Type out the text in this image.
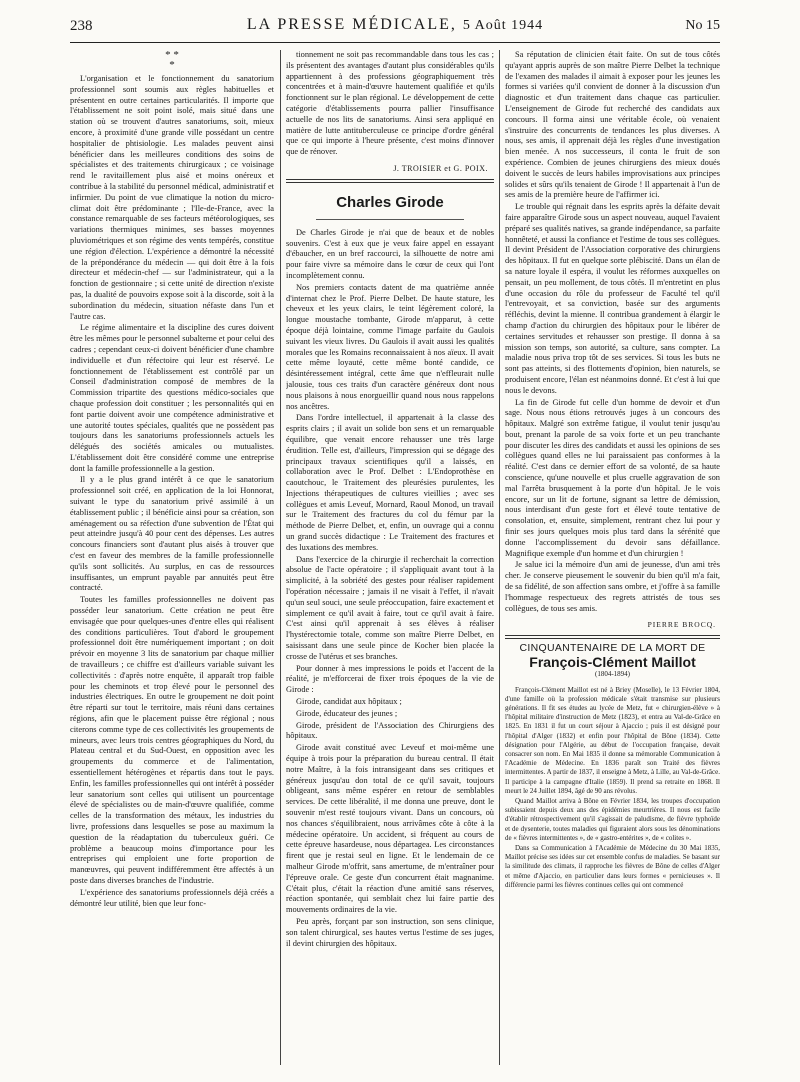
238	LA PRESSE MÉDICALE, 5 Août 1944	No 15
* *
*

L'organisation et le fonctionnement du sanatorium professionnel sont soumis aux règles habituelles et présentent en outre certaines particularités. Il importe que l'établissement ne soit point isolé, mais situé dans une station où se trouvent d'autres sanatoriums, soit, mieux encore, à proximité d'une grande ville possédant un centre hospitalier de phtisiologie. Les malades peuvent ainsi bénéficier dans les meilleures conditions des soins de spécialistes et des traitements chirurgicaux ; ce voisinage rend le ravitaillement plus aisé et moins onéreux et contribue à la stabilité du personnel médical, administratif et infirmier. Du point de vue climatique la notion du micro-climat doit être prédominante ; l'Ile-de-France, avec la constance remarquable de ses facteurs météorologiques, ses variations thermiques minimes, ses basses moyennes pluviométriques et son régime des vents tempérés, constitue une région d'élection. L'expérience a démontré la nécessité de la prépondérance du médecin — qui doit être à la fois directeur et médecin-chef — sur l'administrateur, qui a la fonction de gestionnaire ; si cette unité de direction n'existe pas, la dualité de pouvoirs expose soit à la discorde, soit à la subordination du médecin, situation néfaste dans l'un et l'autre cas.

Le régime alimentaire et la discipline des cures doivent être les mêmes pour le personnel subalterne et pour celui des cadres ; cependant ceux-ci doivent bénéficier d'une chambre individuelle et d'un réfectoire qui leur est réservé. Le fonctionnement de l'établissement est contrôlé par un Conseil d'administration composé de membres de la Commission tripartite des questions médico-sociales que chaque profession doit constituer ; les personnalités qui en font partie doivent avoir une compétence administrative et une autorité toutes spéciales, qualités que ne possèdent pas toujours dans les sanatoriums professionnels actuels les délégués des sociétés amicales ou mutualistes. L'établissement doit être considéré comme une entreprise dont la famille professionnelle a la gestion.

Il y a le plus grand intérêt à ce que le sanatorium professionnel soit créé, en application de la loi Honnorat, suivant le type du sanatorium privé assimilé à un établissement public ; il bénéficie ainsi pour sa création, son aménagement ou sa réfection d'une subvention de l'État qui peut atteindre jusqu'à 40 pour cent des dépenses. Les autres concours financiers sont d'autant plus aisés à trouver que c'est en faveur des membres de la famille professionnelle qu'ils sont sollicités. Au surplus, en cas de ressources insuffisantes, un emprunt payable par annuités peut être contracté.

Toutes les familles professionnelles ne doivent pas posséder leur sanatorium. Cette création ne peut être envisagée que pour quelques-unes d'entre elles qui réalisent des conditions particulières. Tout d'abord le groupement professionnel doit être numériquement important ; on doit prévoir en moyenne 3 lits de sanatorium par chaque millier de travailleurs ; ce chiffre est d'ailleurs variable suivant les collectivités : d'après notre enquête, il apparaît trop faible pour les cheminots et trop élevé pour le personnel des industries électriques. En outre le groupement ne doit point être réparti sur tout le territoire, mais réuni dans certaines régions, afin que le placement puisse être régional ; nous citerons comme type de ces collectivités les groupements de mineurs, avec leurs trois centres géographiques du Nord, du Plateau central et du Sud-Ouest, en opposition avec les groupements du commerce et de l'alimentation, essentiellement hétérogènes et répartis dans tout le pays. Enfin, les familles professionnelles qui ont intérêt à posséder leur sanatorium sont celles qui utilisent un pourcentage élevé de spécialistes ou de main-d'œuvre qualifiée, comme celles de la transformation des métaux, les industries du livre, professions dans lesquelles se pose au maximum la question de la réadaptation du tuberculeux guéri. Ce problème a beaucoup moins d'importance pour les entreprises qui emploient une forte proportion de manœuvres, qui peuvent indifféremment être affectés à un poste dans diverses branches de l'industrie.

L'expérience des sanatoriums professionnels déjà créés a démontré leur utilité, bien que leur fonc-

tionnement ne soit pas recommandable dans tous les cas ; ils présentent des avantages d'autant plus considérables qu'ils appartiennent à des professions géographiquement très concentrées et à main-d'œuvre hautement qualifiée et qu'ils fonctionnent sur le plan régional. Le développement de cette catégorie d'établissements pourra pallier l'insuffisance actuelle de nos lits de sanatoriums. Ainsi sera appliqué en matière de lutte antituberculeuse ce principe d'ordre général que ce qui importe à l'heure présente, c'est moins d'innover que de rénover.

J. TROISIER et G. POIX.
Charles Girode

De Charles Girode je n'ai que de beaux et de nobles souvenirs. C'est à eux que je veux faire appel en essayant d'ébaucher, en un bref raccourci, la silhouette de notre ami pour faire vivre sa mémoire dans le cœur de ceux qui l'ont incomplètement connu.

Nos premiers contacts datent de ma quatrième année d'internat chez le Prof. Pierre Delbet. De haute stature, les cheveux et les yeux clairs, le teint légèrement coloré, la longue moustache tombante, Girode m'apparut, à cette époque déjà lointaine, comme l'image parfaite du Gaulois suivant les vieux livres. Du Gaulois il avait aussi les qualités morales que les Romains reconnaissaient à nos aïeux. Il avait cette même loyauté, cette même bonté candide, ce désintéressement intégral, cette âme que n'effleurait nulle jalousie, tous ces traits d'un caractère généreux dont nous nous plaisons à nous enorgueillir quand nous nous rappelons nos ancêtres.

Dans l'ordre intellectuel, il appartenait à la classe des esprits clairs ; il avait un solide bon sens et un remarquable équilibre, que venait encore rehausser une très large érudition. Telle est, d'ailleurs, l'impression qui se dégage des principaux travaux scientifiques qu'il a laissés, en collaboration avec le Prof. Delbet : L'Endoprothèse en caoutchouc, le Traitement des pleurésies purulentes, les Injections thérapeutiques de cultures vieillies ; avec ses collègues et amis Leveuf, Mornard, Raoul Monod, un travail sur le Traitement des fractures du col du fémur par la méthode de Pierre Delbet, et, enfin, un ouvrage qui a connu un grand succès didactique : Le Traitement des fractures et des luxations des membres.

Dans l'exercice de la chirurgie il recherchait la correction absolue de l'acte opératoire ; il s'appliquait avant tout à la simplicité, à la sobriété des gestes pour réaliser rapidement l'opération nécessaire ; jamais il ne visait à l'effet, il n'avait qu'un seul souci, une seule préoccupation, faire exactement et simplement ce qu'il avait à faire, tout ce qu'il avait à faire. C'est ainsi qu'il apprenait à ses élèves à réaliser l'hystérectomie totale, comme son maître Pierre Delbet, en saisissant dans une seule pince de Kocher bien placée la crosse de l'utérus et ses branches.

Pour donner à mes impressions le poids et l'accent de la réalité, je m'efforcerai de fixer trois époques de la vie de Girode :

Girode, candidat aux hôpitaux ;

Girode, éducateur des jeunes ;

Girode, président de l'Association des Chirurgiens des hôpitaux.

Girode avait constitué avec Leveuf et moi-même une équipe à trois pour la préparation du bureau central. Il était notre Maître, à la fois intransigeant dans ses critiques et généreux jusqu'au don total de ce qu'il savait, toujours obligeant, sans même espérer en retour de semblables services. De cette libéralité, il me donna une preuve, dont le souvenir m'est resté toujours vivant. Dans un concours, où nos chances s'équilibraient, nous arrivâmes côte à côte à la médecine opératoire. Un accident, si fréquent au cours de cette épreuve hasardeuse, nous départagea. Les circonstances firent que je restai seul en ligne. Et le lendemain de ce malheur Girode m'offrit, sans amertume, de m'entraîner pour l'épreuve orale. Ce geste d'un concurrent était magnanime. C'était plus, c'était la réaction d'une amitié sans réserves, réaction spontanée, qui semblait chez lui faire partie des mouvements ordinaires de la vie.

Peu après, forçant par son instruction, son sens clinique, son talent chirurgical, ses hautes vertus l'estime de ses juges, il devint chirurgien des hôpitaux.

Sa réputation de clinicien était faite. On sut de tous côtés qu'ayant appris auprès de son maître Pierre Delbet la technique de l'examen des malades il aimait à exposer pour les jeunes les formes si variées qu'il convient de donner à la discussion d'un diagnostic et d'un traitement dans chaque cas particulier. L'enseignement de Girode fut recherché des candidats aux concours. Il forma ainsi une véritable école, où venaient s'instruire des concurrents de tendances les plus diverses. A nous, ses amis, il apprenait déjà les règles d'une investigation bien menée. A nos successeurs, il conta le fruit de son expérience. Combien de jeunes chirurgiens des mieux doués doivent le succès de leurs habiles improvisations aux principes solides et sûrs qu'ils tenaient de Girode ! Il appartenait à l'un de ses amis de la première heure de l'affirmer ici.

Le trouble qui régnait dans les esprits après la défaite devait faire apparaître Girode sous un aspect nouveau, auquel l'avaient préparé ses qualités natives, sa grande indépendance, sa parfaite honnêteté, et aussi la confiance et l'estime de tous ses collègues. Il devint Président de l'Association corporative des chirurgiens des hôpitaux. Il fut en quelque sorte plébiscité. Dans un élan de sa nature loyale il espéra, il voulut les réformes auxquelles on pensait, un peu mollement, de tous côtés. Il m'entretint en plus d'une occasion du rôle du professeur de Faculté tel qu'il l'entrevoyait, et sa conviction, basée sur des arguments réfléchis, devint la mienne. Il contribua grandement à élargir le champ d'action du chirurgien des hôpitaux pour le libérer de certaines servitudes et rehausser son prestige. Il donna à sa mission son temps, son autorité, sa culture, sans compter. La maladie nous priva trop tôt de ses services. Si tous les buts ne sont pas atteints, si des flottements d'opinion, bien naturels, se produisent encore, l'élan est néanmoins donné. Et c'est à lui que nous le devons.

La fin de Girode fut celle d'un homme de devoir et d'un sage. Nous nous étions retrouvés juges à un concours des hôpitaux. Malgré son extrême fatigue, il voulut tenir jusqu'au bout, prenant la parole de sa voix forte et un peu tranchante pour discuter les dires des candidats et aussi les opinions de ses collègues quand elles ne lui paraissaient pas conformes à la réalité. C'est dans ce dernier effort de sa volonté, de sa haute conscience, qu'une nouvelle et plus cruelle aggravation de son mal l'arrêta brusquement à la porte d'un hôpital. Je le vois encore, sur un lit de fortune, signant sa lettre de démission, nous interdisant d'un geste fort et élevé toute tentative de consolation, et, ensuite, simplement, rentrant chez lui pour y finir ses jours quelques mois plus tard dans la sérénité que donne l'accomplissement du devoir sans défaillance. Magnifique exemple d'un homme et d'un chirurgien !

Je salue ici la mémoire d'un ami de jeunesse, d'un ami très cher. Je conserve pieusement le souvenir du bien qu'il m'a fait, de sa fidélité, de son affection sans ombre, et j'offre à sa famille l'hommage respectueux des regrets attristés de tous ses collègues, de tous ses amis.

PIERRE BROCQ.
CINQUANTENAIRE DE LA MORT DE
François-Clément Maillot
(1804-1894)

François-Clément Maillot est né à Briey (Moselle), le 13 Février 1804, d'une famille où la profession médicale s'était transmise sur plusieurs générations. Il fit ses études au lycée de Metz, fut « chirurgien-élève » à l'hôpital militaire d'instruction de Metz (1823), et entra au Val-de-Grâce en 1825. En 1831 il fut un court séjour à Ajaccio ; puis il est désigné pour l'hôpital d'Alger (1832) et enfin pour l'hôpital de Bône (1834). Cette désignation pour l'Algérie, au début de l'occupation française, devait consacrer son nom. En Mai 1835 il donne sa mémorable Communication à l'Académie de Médecine. En 1836 paraît son Traité des fièvres intermittentes. A partir de 1837, il enseigne à Metz, à Lille, au Val-de-Grâce. Il participe à la campagne d'Italie (1859). Il prend sa retraite en 1868. Il meurt le 24 Juillet 1894, âgé de 90 ans révolus.

Quand Maillot arriva à Bône en Février 1834, les troupes d'occupation subissaient depuis deux ans des épidémies meurtrières. Il nous est facile d'établir rétrospectivement qu'il s'agissait de paludisme, de fièvre typhoïde et de dysenterie, toutes maladies qui figuraient alors sous les dénominations de « fièvres intermittentes », de « gastro-entérites », de « colites ».

Dans sa Communication à l'Académie de Médecine du 30 Mai 1835, Maillot précise ses idées sur cet ensemble confus de maladies. Se basant sur la similitude des climats, il rapproche les fièvres de Bône de celles d'Alger et même d'Ajaccio, en particulier dans leurs formes « pernicieuses ». Il différencie parmi les fièvres continues celles qui ont commencé
